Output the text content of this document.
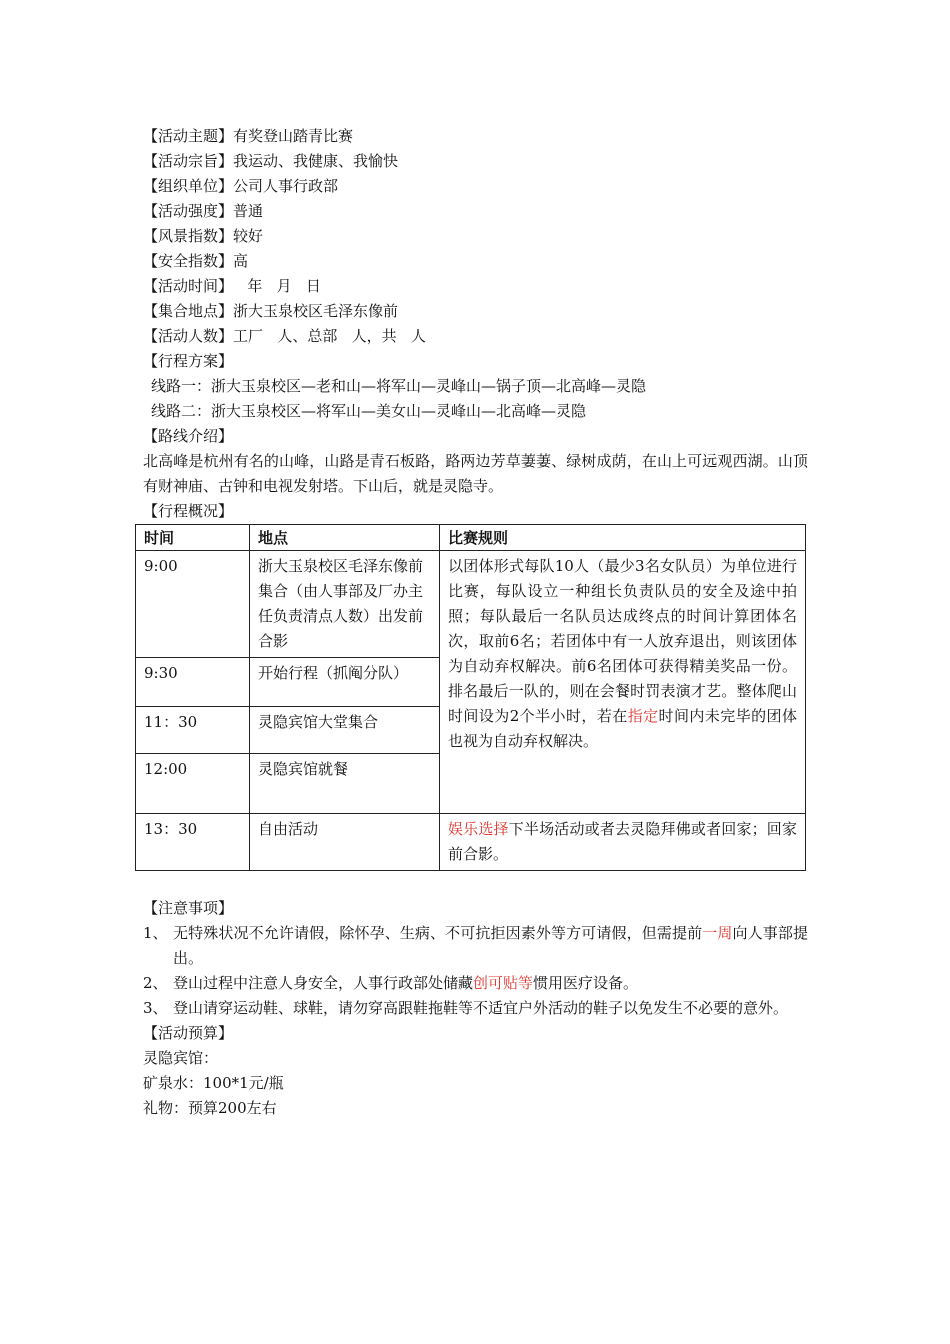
【活动主题】有奖登山踏青比赛
【活动宗旨】我运动、我健康、我愉快
【组织单位】公司人事行政部
【活动强度】普通
【风景指数】较好
【安全指数】高
【活动时间】   年   月   日
【集合地点】浙大玉泉校区毛泽东像前
【活动人数】工厂   人、总部   人，共   人
【行程方案】
线路一：浙大玉泉校区—老和山—将军山—灵峰山—锅子顶—北高峰—灵隐
线路二：浙大玉泉校区—将军山—美女山—灵峰山—北高峰—灵隐
【路线介绍】
北高峰是杭州有名的山峰，山路是青石板路，路两边芳草萋萋、绿树成荫，在山上可远观西湖。山顶有财神庙、古钟和电视发射塔。下山后，就是灵隐寺。
【行程概况】
时间	地点	比赛规则
9:00	浙大玉泉校区毛泽东像前集合（由人事部及厂办主任负责清点人数）出发前合影	以团体形式每队10人（最少3名女队员）为单位进行比赛，每队设立一种组长负责队员的安全及途中拍照；每队最后一名队员达成终点的时间计算团体名次，取前6名；若团体中有一人放弃退出，则该团体为自动弃权解决。前6名团体可获得精美奖品一份。排名最后一队的，则在会餐时罚表演才艺。整体爬山时间设为2个半小时，若在指定时间内未完毕的团体也视为自动弃权解决。
9:30	开始行程（抓阄分队）	
11：30	灵隐宾馆大堂集合	
12:00	灵隐宾馆就餐	
13：30	自由活动	娱乐选择下半场活动或者去灵隐拜佛或者回家；回家前合影。
【注意事项】
1、 无特殊状况不允许请假，除怀孕、生病、不可抗拒因素外等方可请假，但需提前一周向人事部提出。
2、 登山过程中注意人身安全，人事行政部处储藏创可贴等惯用医疗设备。
3、 登山请穿运动鞋、球鞋，请勿穿高跟鞋拖鞋等不适宜户外活动的鞋子以免发生不必要的意外。
【活动预算】
灵隐宾馆：
矿泉水：100*1元/瓶
礼物：预算200左右
